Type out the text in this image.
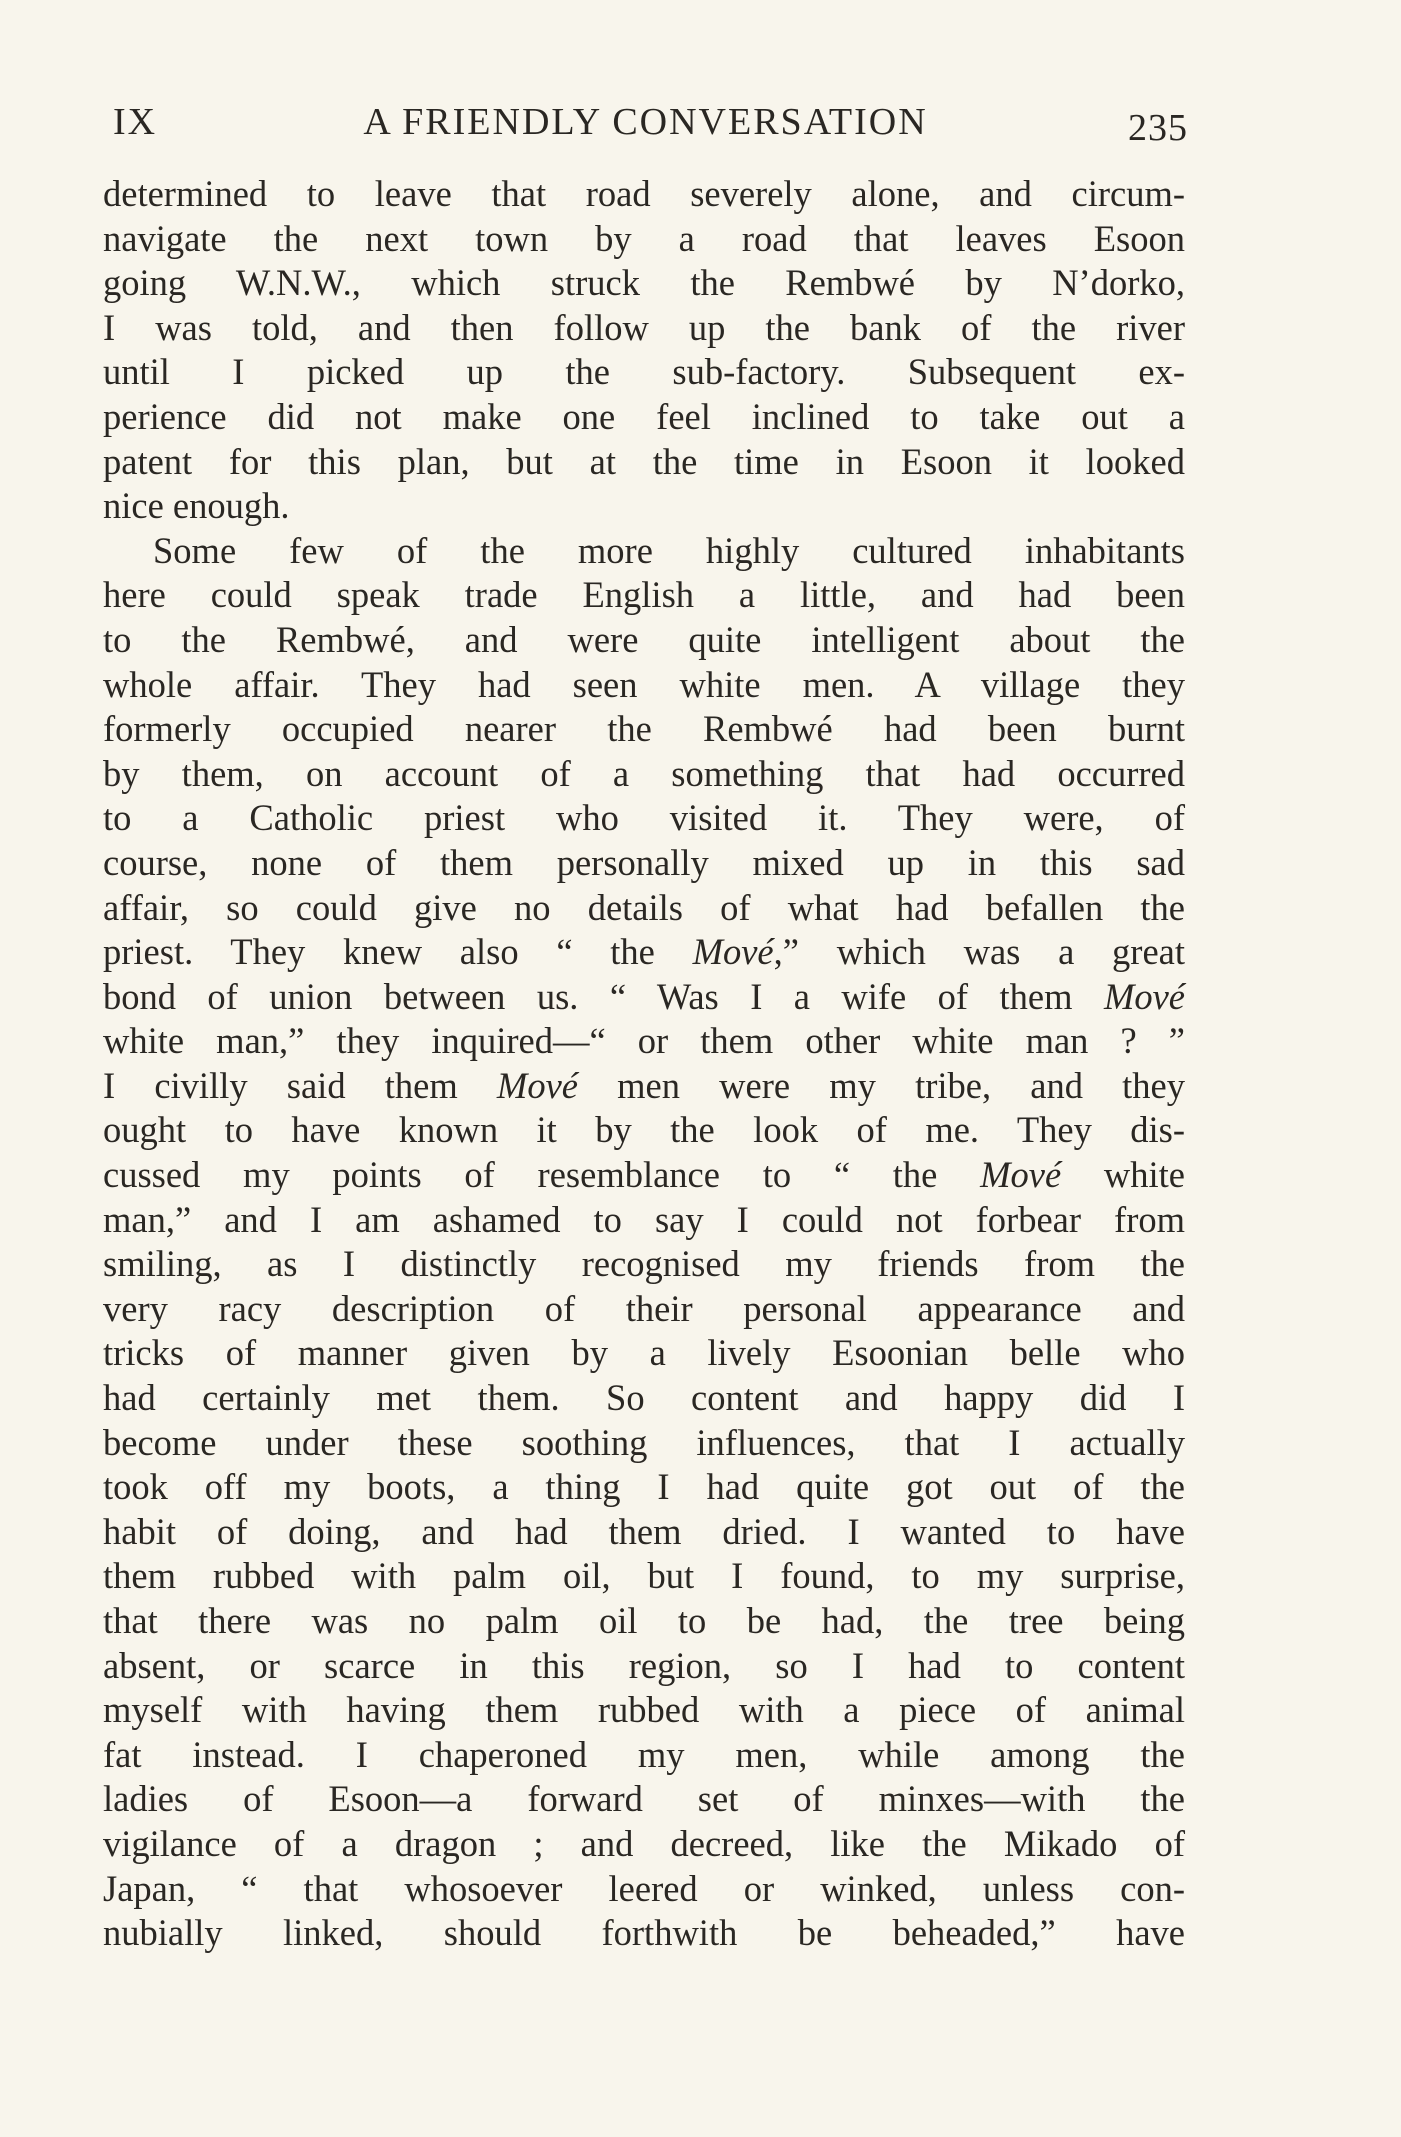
IX	A FRIENDLY CONVERSATION	235
determined to leave that road severely alone, and circum-
navigate the next town by a road that leaves Esoon
going W.N.W., which struck the Rembwé by N’dorko,
I was told, and then follow up the bank of the river
until I picked up the sub-factory. Subsequent ex-
perience did not make one feel inclined to take out a
patent for this plan, but at the time in Esoon it looked
nice enough.
Some few of the more highly cultured inhabitants
here could speak trade English a little, and had been
to the Rembwé, and were quite intelligent about the
whole affair. They had seen white men. A village they
formerly occupied nearer the Rembwé had been burnt
by them, on account of a something that had occurred
to a Catholic priest who visited it. They were, of
course, none of them personally mixed up in this sad
affair, so could give no details of what had befallen the
priest. They knew also “ the Mové,” which was a great
bond of union between us. “ Was I a wife of them Mové
white man,” they inquired—“ or them other white man ? ”
I civilly said them Mové men were my tribe, and they
ought to have known it by the look of me. They dis-
cussed my points of resemblance to “ the Mové white
man,” and I am ashamed to say I could not forbear from
smiling, as I distinctly recognised my friends from the
very racy description of their personal appearance and
tricks of manner given by a lively Esoonian belle who
had certainly met them. So content and happy did I
become under these soothing influences, that I actually
took off my boots, a thing I had quite got out of the
habit of doing, and had them dried. I wanted to have
them rubbed with palm oil, but I found, to my surprise,
that there was no palm oil to be had, the tree being
absent, or scarce in this region, so I had to content
myself with having them rubbed with a piece of animal
fat instead. I chaperoned my men, while among the
ladies of Esoon—a forward set of minxes—with the
vigilance of a dragon ; and decreed, like the Mikado of
Japan, “ that whosoever leered or winked, unless con-
nubially linked, should forthwith be beheaded,” have
